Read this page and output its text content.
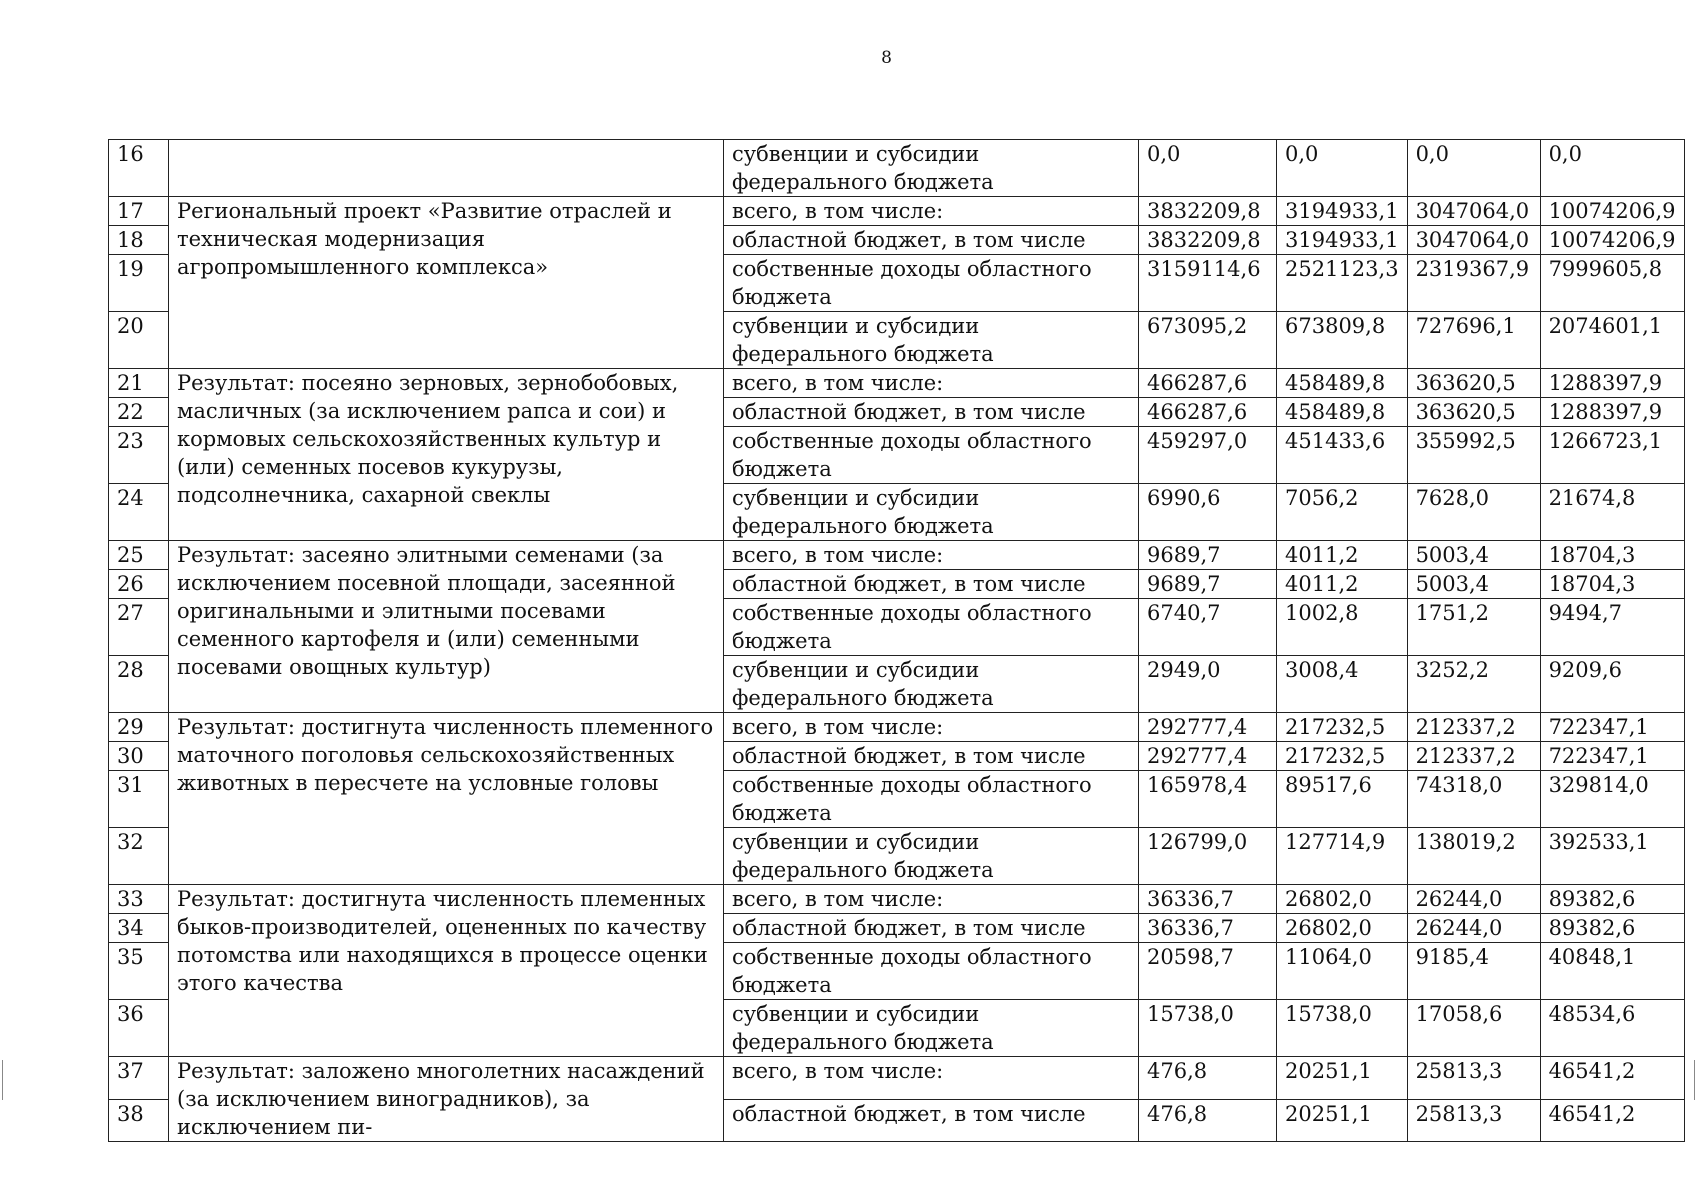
8
16		субвенции и субсидии федерального бюджета	0,0	0,0	0,0	0,0
17	Региональный проект «Развитие отраслей и техническая модернизация агропромышленного комплекса»	всего, в том числе:	3832209,8	3194933,1	3047064,0	10074206,9
18		областной бюджет, в том числе	3832209,8	3194933,1	3047064,0	10074206,9
19		собственные доходы областного бюджета	3159114,6	2521123,3	2319367,9	7999605,8
20		субвенции и субсидии федерального бюджета	673095,2	673809,8	727696,1	2074601,1
21	Результат: посеяно зерновых, зернобобовых, масличных (за исключением рапса и сои) и кормовых сельскохозяйственных культур и (или) семенных посевов кукурузы, подсолнечника, сахарной свеклы	всего, в том числе:	466287,6	458489,8	363620,5	1288397,9
22		областной бюджет, в том числе	466287,6	458489,8	363620,5	1288397,9
23		собственные доходы областного бюджета	459297,0	451433,6	355992,5	1266723,1
24		субвенции и субсидии федерального бюджета	6990,6	7056,2	7628,0	21674,8
25	Результат: засеяно элитными семенами (за исключением посевной площади, засеянной оригинальными и элитными посевами семенного картофеля и (или) семенными посевами овощных культур)	всего, в том числе:	9689,7	4011,2	5003,4	18704,3
26		областной бюджет, в том числе	9689,7	4011,2	5003,4	18704,3
27		собственные доходы областного бюджета	6740,7	1002,8	1751,2	9494,7
28		субвенции и субсидии федерального бюджета	2949,0	3008,4	3252,2	9209,6
29	Результат: достигнута численность племенного маточного поголовья сельскохозяйственных животных в пересчете на условные головы	всего, в том числе:	292777,4	217232,5	212337,2	722347,1
30		областной бюджет, в том числе	292777,4	217232,5	212337,2	722347,1
31		собственные доходы областного бюджета	165978,4	89517,6	74318,0	329814,0
32		субвенции и субсидии федерального бюджета	126799,0	127714,9	138019,2	392533,1
33	Результат: достигнута численность племенных быков-производителей, оцененных по качеству потомства или находящихся в процессе оценки этого качества	всего, в том числе:	36336,7	26802,0	26244,0	89382,6
34		областной бюджет, в том числе	36336,7	26802,0	26244,0	89382,6
35		собственные доходы областного бюджета	20598,7	11064,0	9185,4	40848,1
36		субвенции и субсидии федерального бюджета	15738,0	15738,0	17058,6	48534,6
37	Результат: заложено многолетних насаждений (за исключением виноградников), за исключением пи-	всего, в том числе:	476,8	20251,1	25813,3	46541,2
38		областной бюджет, в том числе	476,8	20251,1	25813,3	46541,2
